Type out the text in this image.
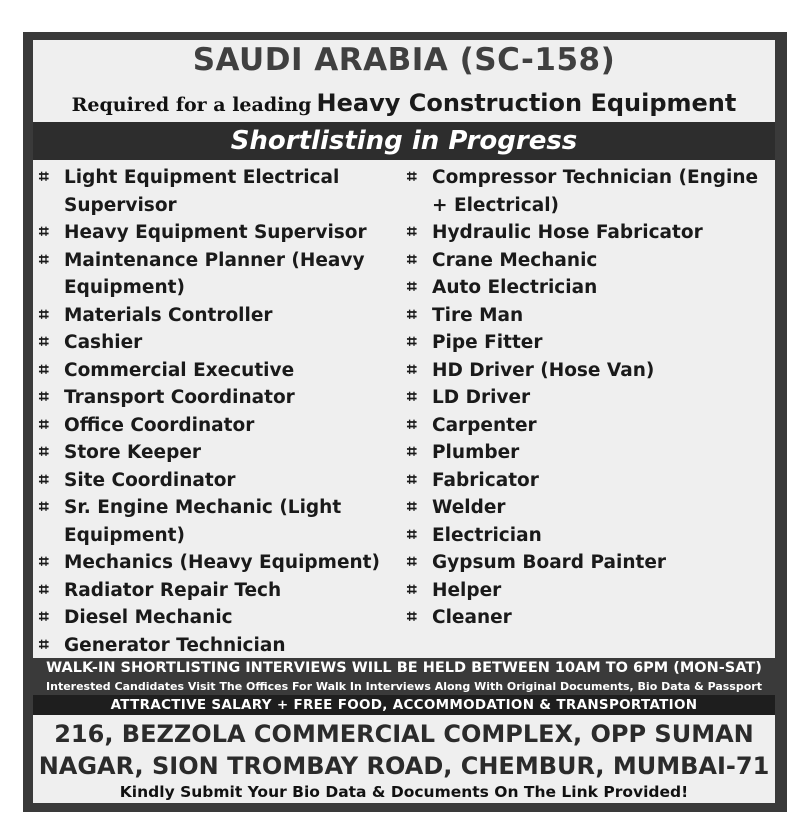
SAUDI ARABIA (SC-158)
Required for a leading Heavy Construction Equipment
Shortlisting in Progress
⌗ Light Equipment Electrical Supervisor
⌗ Heavy Equipment Supervisor
⌗ Maintenance Planner (Heavy Equipment)
⌗ Materials Controller
⌗ Cashier
⌗ Commercial Executive
⌗ Transport Coordinator
⌗ Office Coordinator
⌗ Store Keeper
⌗ Site Coordinator
⌗ Sr. Engine Mechanic (Light Equipment)
⌗ Mechanics (Heavy Equipment)
⌗ Radiator Repair Tech
⌗ Diesel Mechanic
⌗ Generator Technician
⌗ Compressor Technician (Engine + Electrical)
⌗ Hydraulic Hose Fabricator
⌗ Crane Mechanic
⌗ Auto Electrician
⌗ Tire Man
⌗ Pipe Fitter
⌗ HD Driver (Hose Van)
⌗ LD Driver
⌗ Carpenter
⌗ Plumber
⌗ Fabricator
⌗ Welder
⌗ Electrician
⌗ Gypsum Board Painter
⌗ Helper
⌗ Cleaner
WALK-IN SHORTLISTING INTERVIEWS WILL BE HELD BETWEEN 10AM TO 6PM (MON-SAT)
Interested Candidates Visit The Offices For Walk In Interviews Along With Original Documents, Bio Data & Passport
ATTRACTIVE SALARY + FREE FOOD, ACCOMMODATION & TRANSPORTATION
216, BEZZOLA COMMERCIAL COMPLEX, OPP SUMAN
NAGAR, SION TROMBAY ROAD, CHEMBUR, MUMBAI-71
Kindly Submit Your Bio Data & Documents On The Link Provided!
